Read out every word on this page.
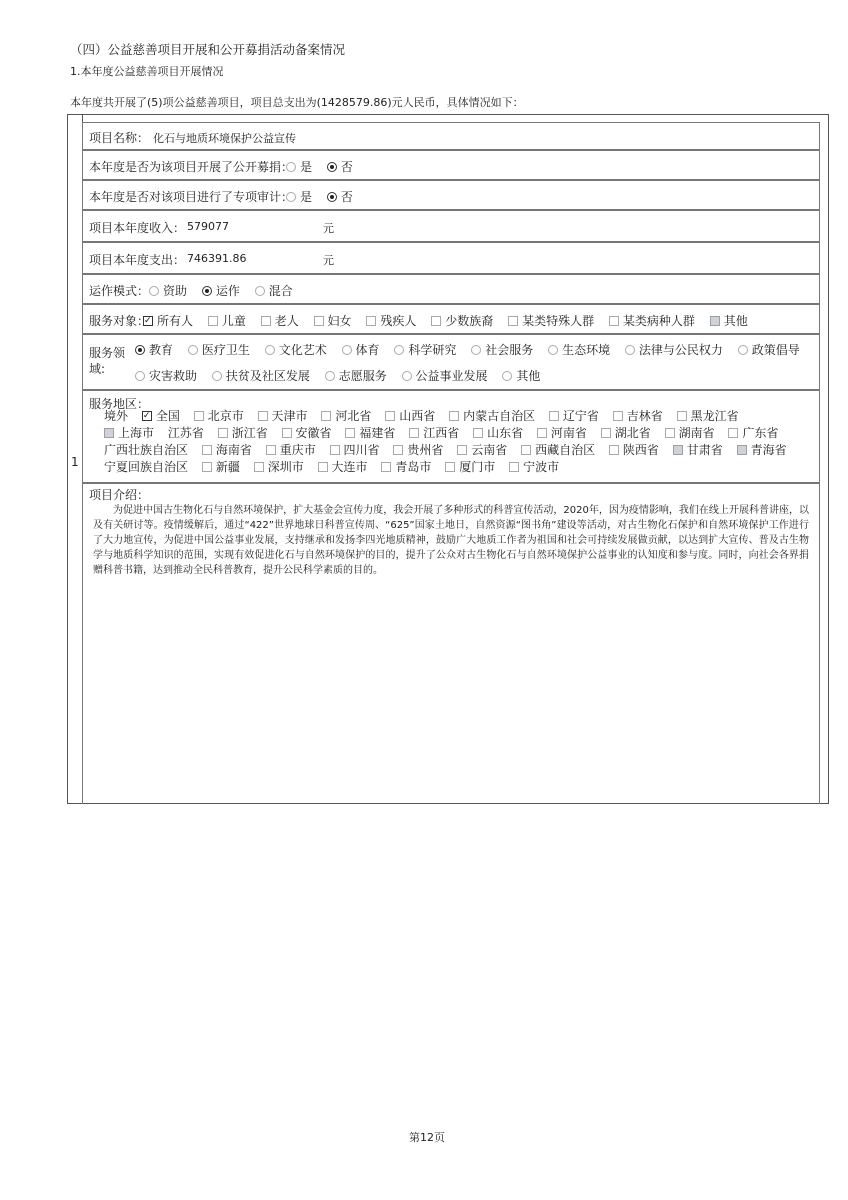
（四）公益慈善项目开展和公开募捐活动备案情况
1.本年度公益慈善项目开展情况
本年度共开展了(5)项公益慈善项目，项目总支出为(1428579.86)元人民币，具体情况如下：
1
项目名称： 化石与地质环境保护公益宣传
本年度是否为该项目开展了公开募捐： 是 否
本年度是否对该项目进行了专项审计： 是 否
项目本年度收入： 579077	元
项目本年度支出： 746391.86	元
运作模式：	资助 运作 混合
服务对象： ✓ 所有人 儿童 老人 妇女 残疾人 少数族裔 某类特殊人群 某类病种人群 其他
服务领
域:
教育 医疗卫生 文化艺术 体育 科学研究 社会服务 生态环境 法律与公民权力 政策倡导
灾害救助 扶贫及社区发展 志愿服务 公益事业发展 其他
服务地区：
境外 ✓ 全国 北京市 天津市 河北省 山西省 内蒙古自治区 辽宁省 吉林省 黑龙江省 上海市 江苏省 浙江省 安徽省 福建省 江西省 山东省 河南省 湖北省 湖南省 广东省 广西壮族自治区 海南省 重庆市 四川省 贵州省 云南省 西藏自治区 陕西省 甘肃省 青海省 宁夏回族自治区 新疆 深圳市 大连市 青岛市 厦门市 宁波市
项目介绍：
为促进中国古生物化石与自然环境保护，扩大基金会宣传力度，我会开展了多种形式的科普宣传活动，2020年，因为疫情影响，我们在线上开展科普讲座，以及有关研讨等。疫情缓解后，通过“422”世界地球日科普宣传周、“625”国家土地日，自然资源“图书角”建设等活动，对古生物化石保护和自然环境保护工作进行了大力地宣传，为促进中国公益事业发展，支持继承和发扬李四光地质精神，鼓励广大地质工作者为祖国和社会可持续发展做贡献，以达到扩大宣传、普及古生物学与地质科学知识的范围，实现有效促进化石与自然环境保护的目的，提升了公众对古生物化石与自然环境保护公益事业的认知度和参与度。同时，向社会各界捐赠科普书籍，达到推动全民科普教育，提升公民科学素质的目的。
第12页
